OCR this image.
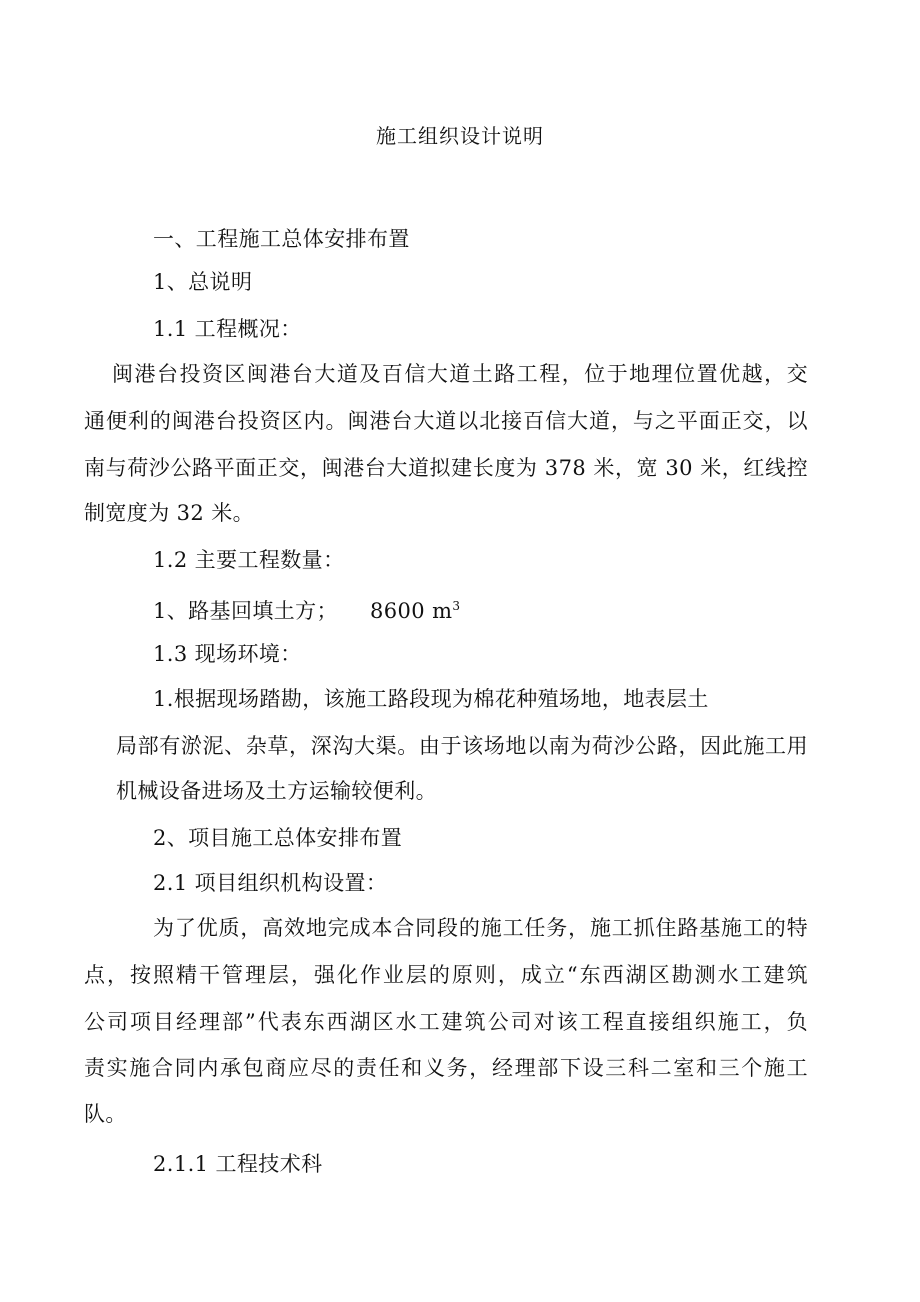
施工组织设计说明
一、工程施工总体安排布置
1、总说明
1.1 工程概况：
闽港台投资区闽港台大道及百信大道土路工程，位于地理位置优越，交
通便利的闽港台投资区内。闽港台大道以北接百信大道，与之平面正交，以
南与荷沙公路平面正交，闽港台大道拟建长度为 378 米，宽 30 米，红线控
制宽度为 32 米。
1.2 主要工程数量：
1、路基回填土方； 8600 $m^3$
1.3 现场环境：
1.根据现场踏勘，该施工路段现为棉花种殖场地，地表层土
局部有淤泥、杂草，深沟大渠。由于该场地以南为荷沙公路，因此施工用
机械设备进场及土方运输较便利。
2、项目施工总体安排布置
2.1 项目组织机构设置：
为了优质，高效地完成本合同段的施工任务，施工抓住路基施工的特
点，按照精干管理层，强化作业层的原则，成立“东西湖区勘测水工建筑
公司项目经理部”代表东西湖区水工建筑公司对该工程直接组织施工，负
责实施合同内承包商应尽的责任和义务，经理部下设三科二室和三个施工
队。
2.1.1 工程技术科
